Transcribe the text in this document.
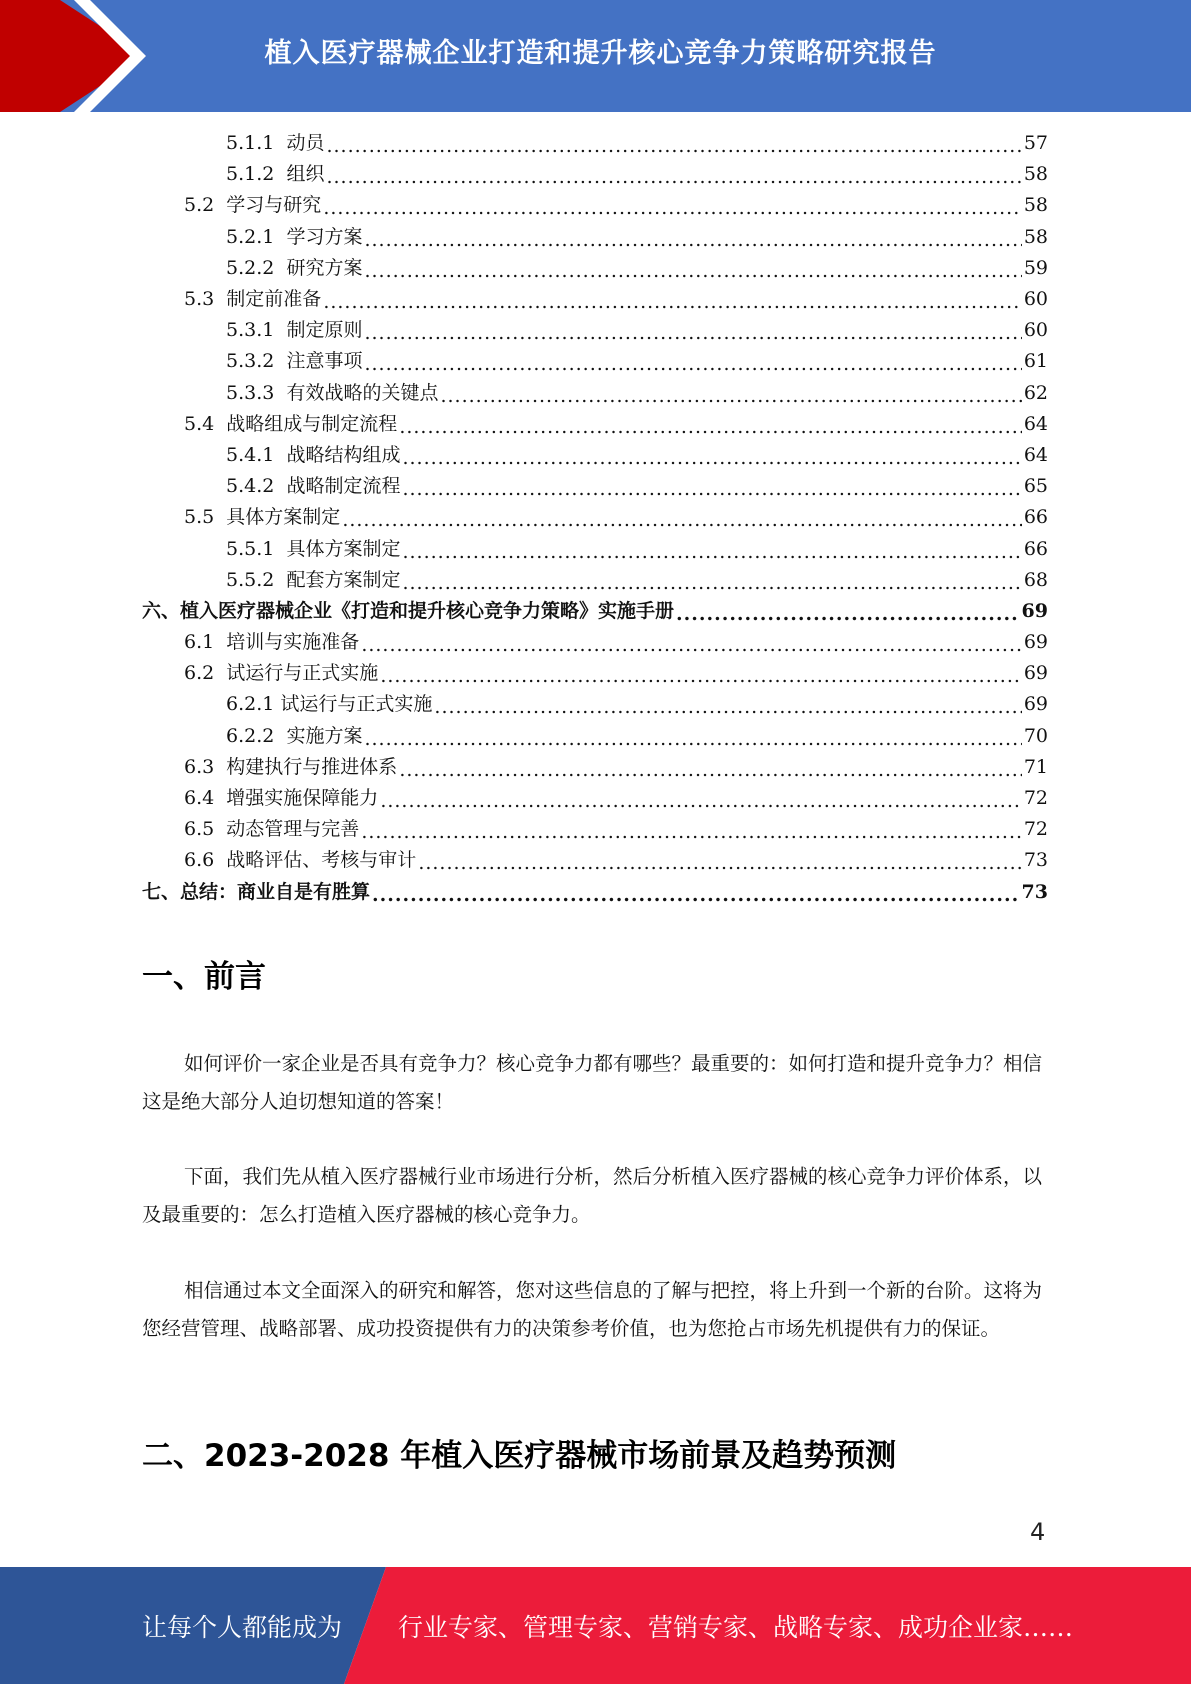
植入医疗器械企业打造和提升核心竞争力策略研究报告
5.1.1 动员 .....	57
5.1.2 组织 .....	58
5.2 学习与研究 .....	58
5.2.1 学习方案 .....	58
5.2.2 研究方案 .....	59
5.3 制定前准备 .....	60
5.3.1 制定原则 .....	60
5.3.2 注意事项 .....	61
5.3.3 有效战略的关键点 .....	62
5.4 战略组成与制定流程 .....	64
5.4.1 战略结构组成 .....	64
5.4.2 战略制定流程 .....	65
5.5 具体方案制定 .....	66
5.5.1 具体方案制定 .....	66
5.5.2 配套方案制定 .....	68
六、植入医疗器械企业《打造和提升核心竞争力策略》实施手册 .....	69
6.1 培训与实施准备 .....	69
6.2 试运行与正式实施 .....	69
6.2.1 试运行与正式实施 .....	69
6.2.2 实施方案 .....	70
6.3 构建执行与推进体系 .....	71
6.4 增强实施保障能力 .....	72
6.5 动态管理与完善 .....	72
6.6 战略评估、考核与审计 .....	73
七、总结：商业自是有胜算 .....	73
一、前言
如何评价一家企业是否具有竞争力？核心竞争力都有哪些？最重要的：如何打造和提升竞争力？相信这是绝大部分人迫切想知道的答案！
下面，我们先从植入医疗器械行业市场进行分析，然后分析植入医疗器械的核心竞争力评价体系，以及最重要的：怎么打造植入医疗器械的核心竞争力。
相信通过本文全面深入的研究和解答，您对这些信息的了解与把控，将上升到一个新的台阶。这将为您经营管理、战略部署、成功投资提供有力的决策参考价值，也为您抢占市场先机提供有力的保证。
二、2023-2028 年植入医疗器械市场前景及趋势预测
4
让每个人都能成为 行业专家、管理专家、营销专家、战略专家、成功企业家……
